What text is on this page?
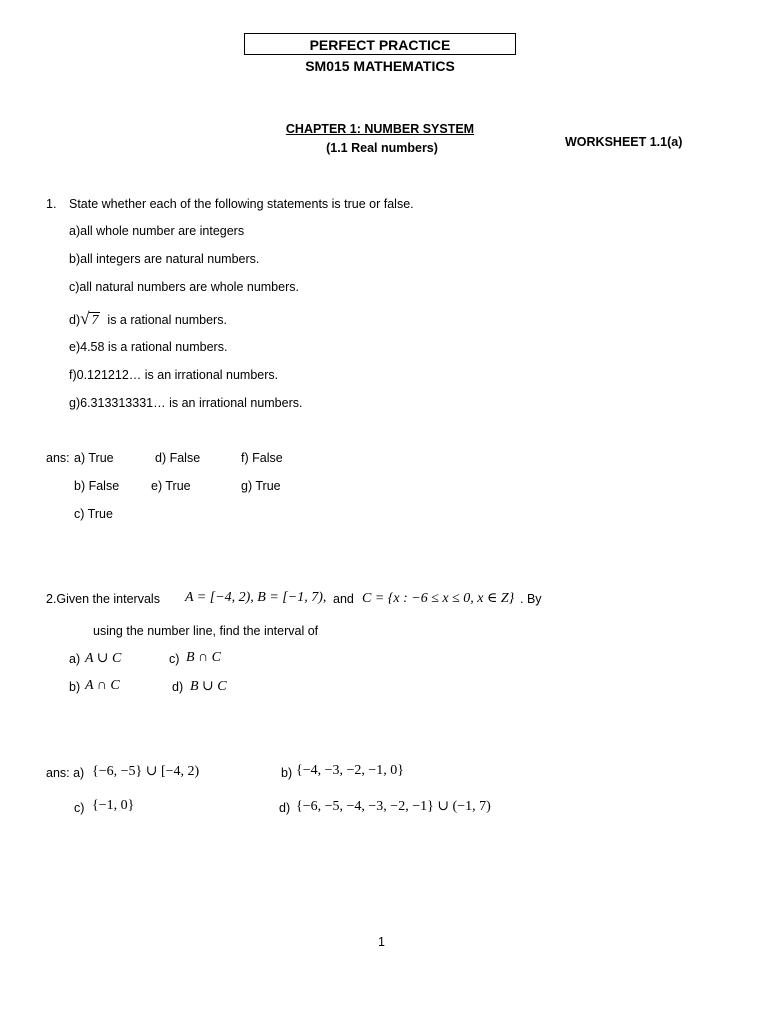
PERFECT PRACTICE
SM015 MATHEMATICS
CHAPTER 1: NUMBER SYSTEM
(1.1 Real numbers)	WORKSHEET 1.1(a)
1. State whether each of the following statements is true or false.
a)all whole number are integers
b)all integers are natural numbers.
c)all natural numbers are whole numbers.
d)√ 7 is a rational numbers.
e)4.58 is a rational numbers.
f)0.121212… is an irrational numbers.
g)6.313313331… is an irrational numbers.
ans: a) True	d) False	f) False
b) False	e) True	g) True
c) True
2.Given the intervals A = [−4, 2), B = [−1, 7), and C = {x : −6 ≤ x ≤ 0, x ∈ Z} . By
using the number line, find the interval of
a) A ∪ C	c) B ∩ C
b) A ∩ C	d) B ∪ C
ans: a) {−6, −5} ∪ [−4, 2)	b) {−4, −3, −2, −1, 0}
c) {−1, 0}	d) {−6, −5, −4, −3, −2, −1} ∪ (−1, 7)
1
